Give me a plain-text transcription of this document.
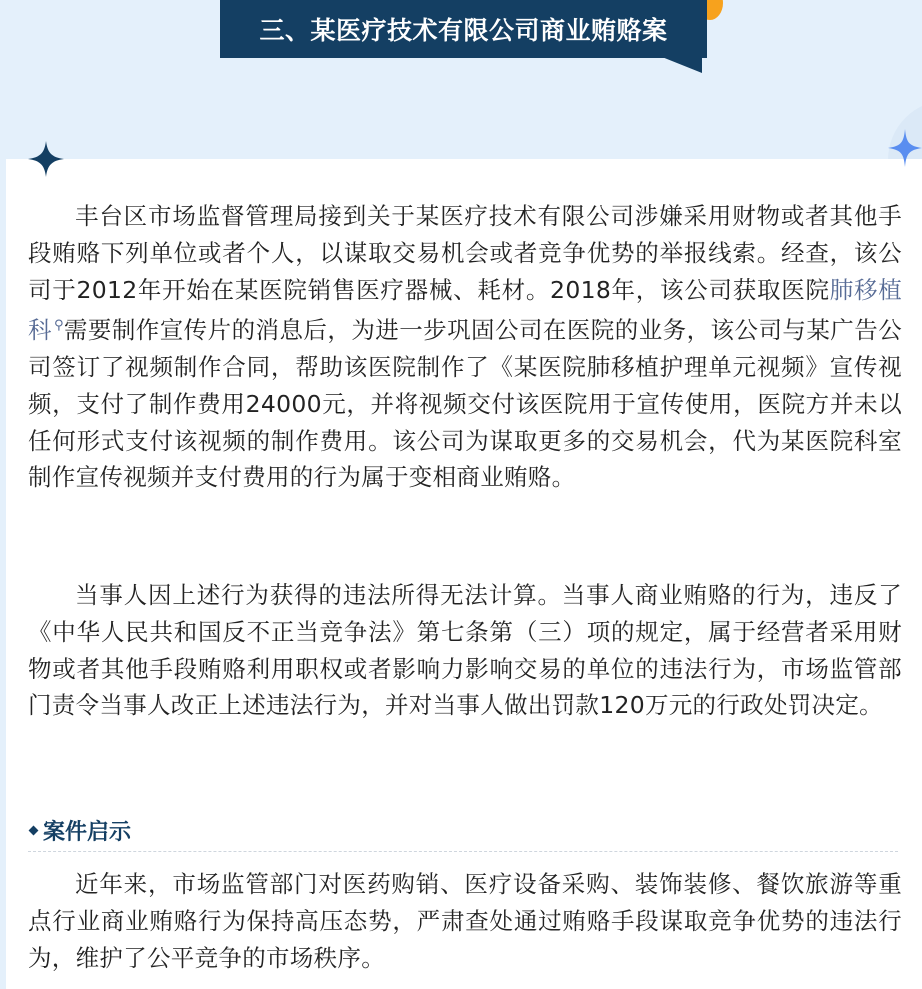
三、某医疗技术有限公司商业贿赂案
丰台区市场监督管理局接到关于某医疗技术有限公司涉嫌采用财物或者其他手段贿赂下列单位或者个人，以谋取交易机会或者竞争优势的举报线索。经查，该公司于2012年开始在某医院销售医疗器械、耗材。2018年，该公司获取医院肺移植科 ⚲需要制作宣传片的消息后，为进一步巩固公司在医院的业务，该公司与某广告公司签订了视频制作合同，帮助该医院制作了《某医院肺移植护理单元视频》宣传视频，支付了制作费用24000元，并将视频交付该医院用于宣传使用，医院方并未以任何形式支付该视频的制作费用。该公司为谋取更多的交易机会，代为某医院科室制作宣传视频并支付费用的行为属于变相商业贿赂。
当事人因上述行为获得的违法所得无法计算。当事人商业贿赂的行为，违反了《中华人民共和国反不正当竞争法》第七条第（三）项的规定，属于经营者采用财物或者其他手段贿赂利用职权或者影响力影响交易的单位的违法行为，市场监管部门责令当事人改正上述违法行为，并对当事人做出罚款120万元的行政处罚决定。
案件启示
近年来，市场监管部门对医药购销、医疗设备采购、装饰装修、餐饮旅游等重点行业商业贿赂行为保持高压态势，严肃查处通过贿赂手段谋取竞争优势的违法行为，维护了公平竞争的市场秩序。
